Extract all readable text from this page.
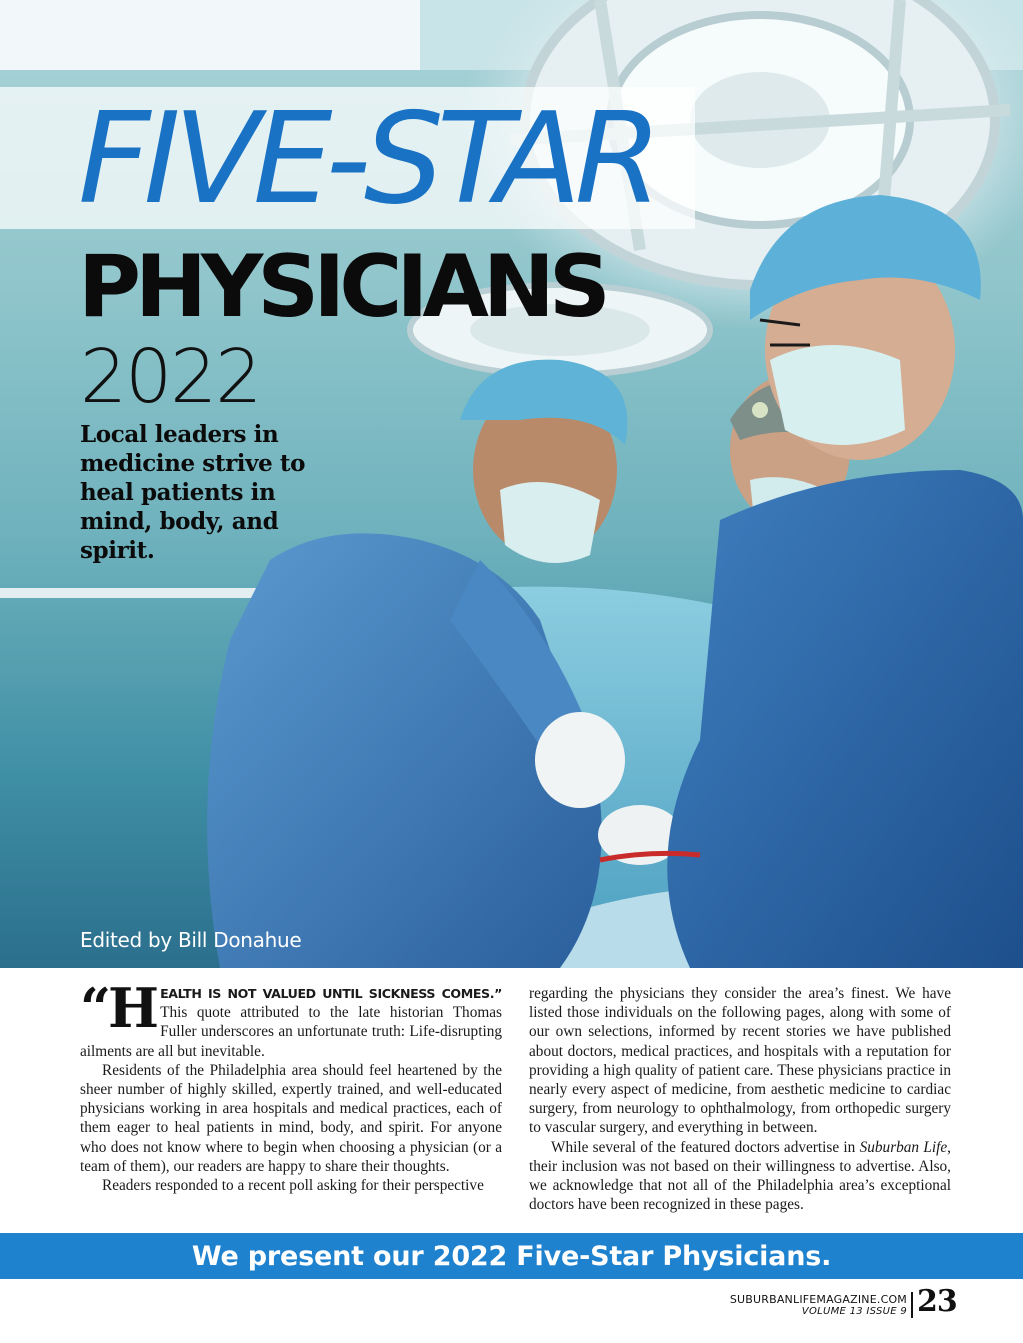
FIVE-STAR
PHYSICIANS
2022
Local leaders in medicine strive to heal patients in mind, body, and spirit.
Edited by Bill Donahue

“HEALTH IS NOT VALUED UNTIL SICKNESS COMES.” This quote attributed to the late historian Thomas Fuller underscores an unfortunate truth: Life-disrupting ailments are all but inevitable.

Residents of the Philadelphia area should feel heartened by the sheer number of highly skilled, expertly trained, and well-educated physicians working in area hospitals and medical practices, each of them eager to heal patients in mind, body, and spirit. For anyone who does not know where to begin when choosing a physician (or a team of them), our readers are happy to share their thoughts.

Readers responded to a recent poll asking for their perspective

regarding the physicians they consider the area’s finest. We have listed those individuals on the following pages, along with some of our own selections, informed by recent stories we have published about doctors, medical practices, and hospitals with a reputation for providing a high quality of patient care. These physicians practice in nearly every aspect of medicine, from aesthetic medicine to cardiac surgery, from neurology to ophthalmology, from orthopedic surgery to vascular surgery, and everything in between.

While several of the featured doctors advertise in Suburban Life, their inclusion was not based on their willingness to advertise. Also, we acknowledge that not all of the Philadelphia area’s exceptional doctors have been recognized in these pages.

We present our 2022 Five-Star Physicians.
SUBURBANLIFEMAGAZINE.COM
VOLUME 13 ISSUE 9 23
